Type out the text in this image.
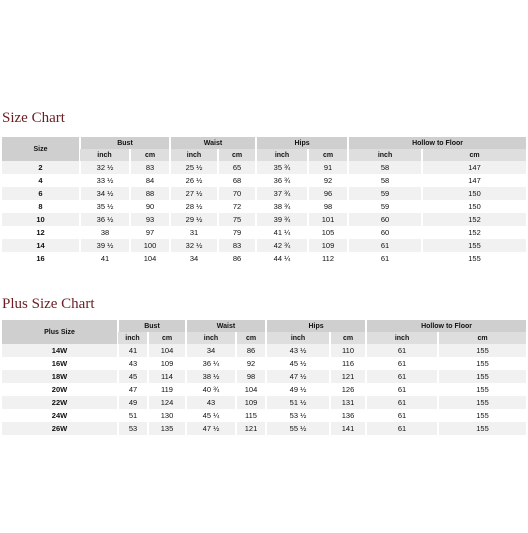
Size Chart
Size	Bust		Waist		Hips		Hollow to Floor	
	inch	cm	inch	cm	inch	cm	inch	cm
2	32 ½	83	25 ½	65	35 ¾	91	58	147
4	33 ½	84	26 ½	68	36 ¾	92	58	147
6	34 ½	88	27 ½	70	37 ¾	96	59	150
8	35 ½	90	28 ½	72	38 ¾	98	59	150
10	36 ½	93	29 ½	75	39 ¾	101	60	152
12	38	97	31	79	41 ¼	105	60	152
14	39 ½	100	32 ½	83	42 ¾	109	61	155
16	41	104	34	86	44 ¼	112	61	155
Plus Size Chart
Plus Size	Bust		Waist		Hips		Hollow to Floor	
	inch	cm	inch	cm	inch	cm	inch	cm
14W	41	104	34	86	43 ½	110	61	155
16W	43	109	36 ¼	92	45 ½	116	61	155
18W	45	114	38 ½	98	47 ½	121	61	155
20W	47	119	40 ¾	104	49 ½	126	61	155
22W	49	124	43	109	51 ½	131	61	155
24W	51	130	45 ¼	115	53 ½	136	61	155
26W	53	135	47 ½	121	55 ½	141	61	155
